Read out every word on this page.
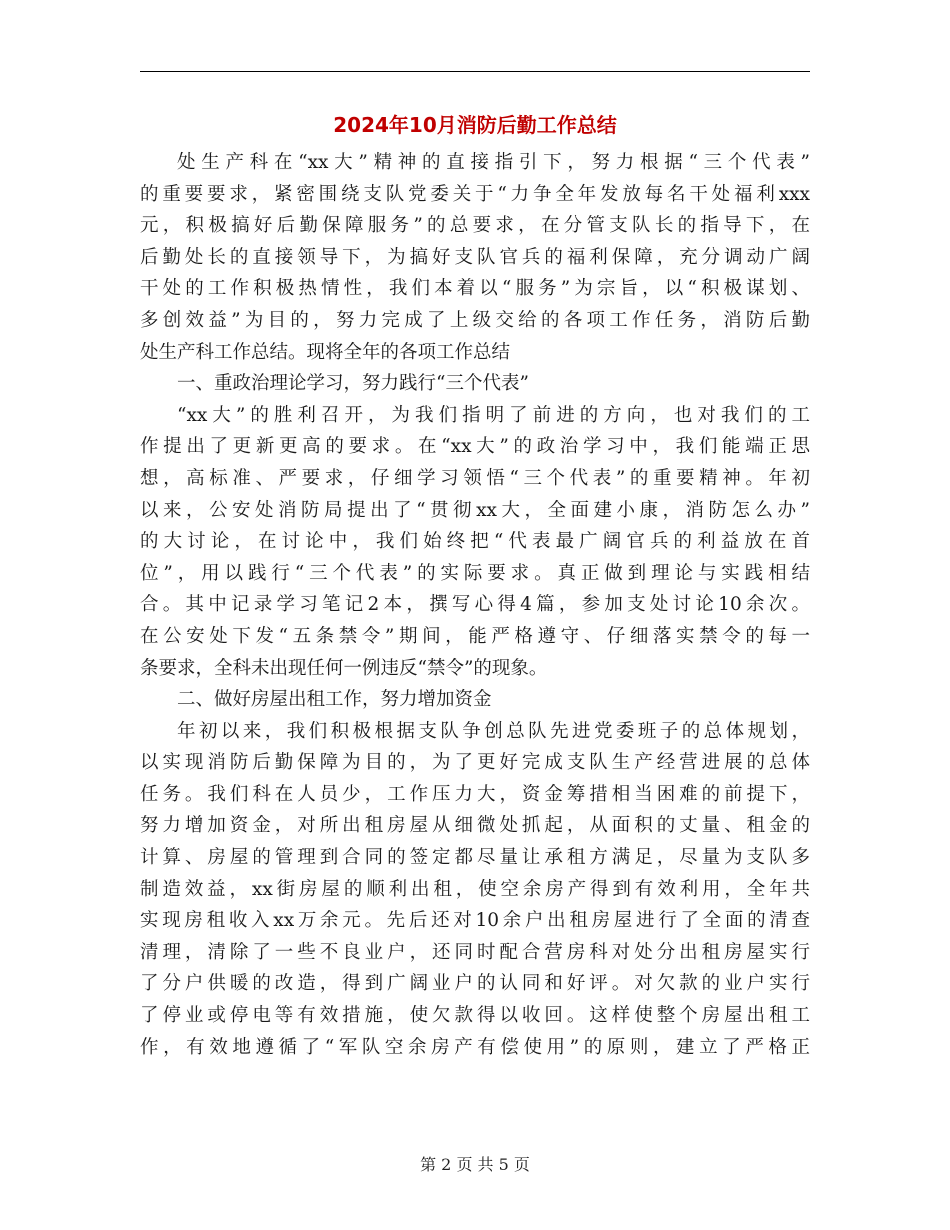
2024年10月消防后勤工作总结
处生产科在“xx大”精神的直接指引下，努力根据“三个代表”
的重要要求，紧密围绕支队党委关于“力争全年发放每名干处福利xxx
元，积极搞好后勤保障服务”的总要求，在分管支队长的指导下，在
后勤处长的直接领导下，为搞好支队官兵的福利保障，充分调动广阔
干处的工作积极热情性，我们本着以“服务”为宗旨，以“积极谋划、
多创效益”为目的，努力完成了上级交给的各项工作任务，消防后勤
处生产科工作总结。现将全年的各项工作总结
一、重政治理论学习，努力践行“三个代表”
“xx大”的胜利召开，为我们指明了前进的方向，也对我们的工
作提出了更新更高的要求。在“xx大”的政治学习中，我们能端正思
想，高标准、严要求，仔细学习领悟“三个代表”的重要精神。年初
以来，公安处消防局提出了“贯彻xx大，全面建小康，消防怎么办”
的大讨论，在讨论中，我们始终把“代表最广阔官兵的利益放在首
位”，用以践行“三个代表”的实际要求。真正做到理论与实践相结
合。其中记录学习笔记2本，撰写心得4篇，参加支处讨论10余次。
在公安处下发“五条禁令”期间，能严格遵守、仔细落实禁令的每一
条要求，全科未出现任何一例违反“禁令”的现象。
二、做好房屋出租工作，努力增加资金
年初以来，我们积极根据支队争创总队先进党委班子的总体规划，
以实现消防后勤保障为目的，为了更好完成支队生产经营进展的总体
任务。我们科在人员少，工作压力大，资金筹措相当困难的前提下，
努力增加资金，对所出租房屋从细微处抓起，从面积的丈量、租金的
计算、房屋的管理到合同的签定都尽量让承租方满足，尽量为支队多
制造效益，xx街房屋的顺利出租，使空余房产得到有效利用，全年共
实现房租收入xx万余元。先后还对10余户出租房屋进行了全面的清查
清理，清除了一些不良业户，还同时配合营房科对处分出租房屋实行
了分户供暖的改造，得到广阔业户的认同和好评。对欠款的业户实行
了停业或停电等有效措施，使欠款得以收回。这样使整个房屋出租工
作，有效地遵循了“军队空余房产有偿使用”的原则，建立了严格正
第 2 页 共 5 页
